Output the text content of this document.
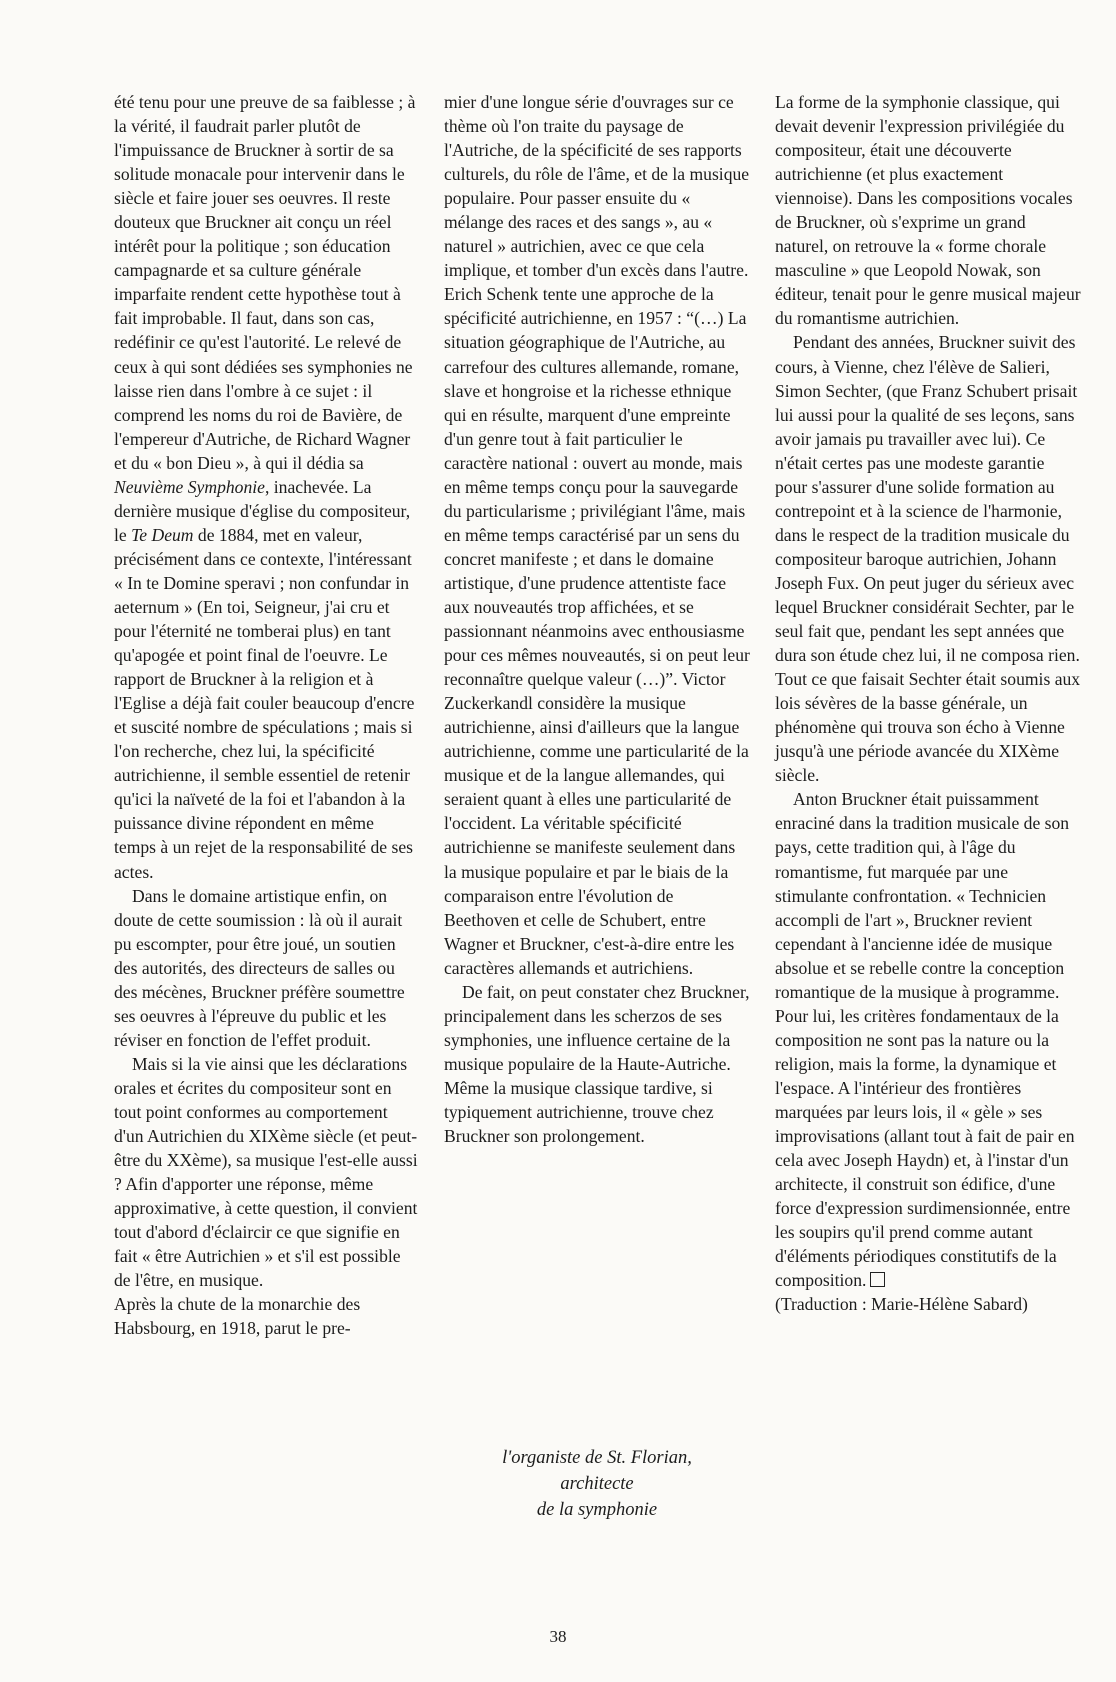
été tenu pour une preuve de sa faiblesse ; à la vérité, il faudrait parler plutôt de l'impuissance de Bruckner à sortir de sa solitude monacale pour intervenir dans le siècle et faire jouer ses oeuvres. Il reste douteux que Bruckner ait conçu un réel intérêt pour la politique ; son éducation campagnarde et sa culture générale imparfaite rendent cette hypothèse tout à fait improbable. Il faut, dans son cas, redéfinir ce qu'est l'autorité. Le relevé de ceux à qui sont dédiées ses symphonies ne laisse rien dans l'ombre à ce sujet : il comprend les noms du roi de Bavière, de l'empereur d'Autriche, de Richard Wagner et du « bon Dieu », à qui il dédia sa Neuvième Symphonie, inachevée. La dernière musique d'église du compositeur, le Te Deum de 1884, met en valeur, précisément dans ce contexte, l'intéressant « In te Domine speravi ; non confundar in aeternum » (En toi, Seigneur, j'ai cru et pour l'éternité ne tomberai plus) en tant qu'apogée et point final de l'oeuvre. Le rapport de Bruckner à la religion et à l'Eglise a déjà fait couler beaucoup d'encre et suscité nombre de spéculations ; mais si l'on recherche, chez lui, la spécificité autrichienne, il semble essentiel de retenir qu'ici la naïveté de la foi et l'abandon à la puissance divine répondent en même temps à un rejet de la responsabilité de ses actes.

Dans le domaine artistique enfin, on doute de cette soumission : là où il aurait pu escompter, pour être joué, un soutien des autorités, des directeurs de salles ou des mécènes, Bruckner préfère soumettre ses oeuvres à l'épreuve du public et les réviser en fonction de l'effet produit.

Mais si la vie ainsi que les déclarations orales et écrites du compositeur sont en tout point conformes au comportement d'un Autrichien du XIXème siècle (et peut-être du XXème), sa musique l'est-elle aussi ? Afin d'apporter une réponse, même approximative, à cette question, il convient tout d'abord d'éclaircir ce que signifie en fait « être Autrichien » et s'il est possible de l'être, en musique.

Après la chute de la monarchie des Habsbourg, en 1918, parut le pre-

mier d'une longue série d'ouvrages sur ce thème où l'on traite du paysage de l'Autriche, de la spécificité de ses rapports culturels, du rôle de l'âme, et de la musique populaire. Pour passer ensuite du « mélange des races et des sangs », au « naturel » autrichien, avec ce que cela implique, et tomber d'un excès dans l'autre. Erich Schenk tente une approche de la spécificité autrichienne, en 1957 : “(…) La situation géographique de l'Autriche, au carrefour des cultures allemande, romane, slave et hongroise et la richesse ethnique qui en résulte, marquent d'une empreinte d'un genre tout à fait particulier le caractère national : ouvert au monde, mais en même temps conçu pour la sauvegarde du particularisme ; privilégiant l'âme, mais en même temps caractérisé par un sens du concret manifeste ; et dans le domaine artistique, d'une prudence attentiste face aux nouveautés trop affichées, et se passionnant néanmoins avec enthousiasme pour ces mêmes nouveautés, si on peut leur reconnaître quelque valeur (…)”. Victor Zuckerkandl considère la musique autrichienne, ainsi d'ailleurs que la langue autrichienne, comme une particularité de la musique et de la langue allemandes, qui seraient quant à elles une particularité de l'occident. La véritable spécificité autrichienne se manifeste seulement dans la musique populaire et par le biais de la comparaison entre l'évolution de Beethoven et celle de Schubert, entre Wagner et Bruckner, c'est-à-dire entre les caractères allemands et autrichiens.

De fait, on peut constater chez Bruckner, principalement dans les scherzos de ses symphonies, une influence certaine de la musique populaire de la Haute-Autriche. Même la musique classique tardive, si typiquement autrichienne, trouve chez Bruckner son prolongement.

l'organiste de St. Florian,
architecte
de la symphonie

La forme de la symphonie classique, qui devait devenir l'expression privilégiée du compositeur, était une découverte autrichienne (et plus exactement viennoise). Dans les compositions vocales de Bruckner, où s'exprime un grand naturel, on retrouve la « forme chorale masculine » que Leopold Nowak, son éditeur, tenait pour le genre musical majeur du romantisme autrichien.

Pendant des années, Bruckner suivit des cours, à Vienne, chez l'élève de Salieri, Simon Sechter, (que Franz Schubert prisait lui aussi pour la qualité de ses leçons, sans avoir jamais pu travailler avec lui). Ce n'était certes pas une modeste garantie pour s'assurer d'une solide formation au contrepoint et à la science de l'harmonie, dans le respect de la tradition musicale du compositeur baroque autrichien, Johann Joseph Fux. On peut juger du sérieux avec lequel Bruckner considérait Sechter, par le seul fait que, pendant les sept années que dura son étude chez lui, il ne composa rien. Tout ce que faisait Sechter était soumis aux lois sévères de la basse générale, un phénomène qui trouva son écho à Vienne jusqu'à une période avancée du XIXème siècle.

Anton Bruckner était puissamment enraciné dans la tradition musicale de son pays, cette tradition qui, à l'âge du romantisme, fut marquée par une stimulante confrontation. « Technicien accompli de l'art », Bruckner revient cependant à l'ancienne idée de musique absolue et se rebelle contre la conception romantique de la musique à programme. Pour lui, les critères fondamentaux de la composition ne sont pas la nature ou la religion, mais la forme, la dynamique et l'espace. A l'intérieur des frontières marquées par leurs lois, il « gèle » ses improvisations (allant tout à fait de pair en cela avec Joseph Haydn) et, à l'instar d'un architecte, il construit son édifice, d'une force d'expression surdimensionnée, entre les soupirs qu'il prend comme autant d'éléments périodiques constitutifs de la composition.

(Traduction : Marie-Hélène Sabard)

38
